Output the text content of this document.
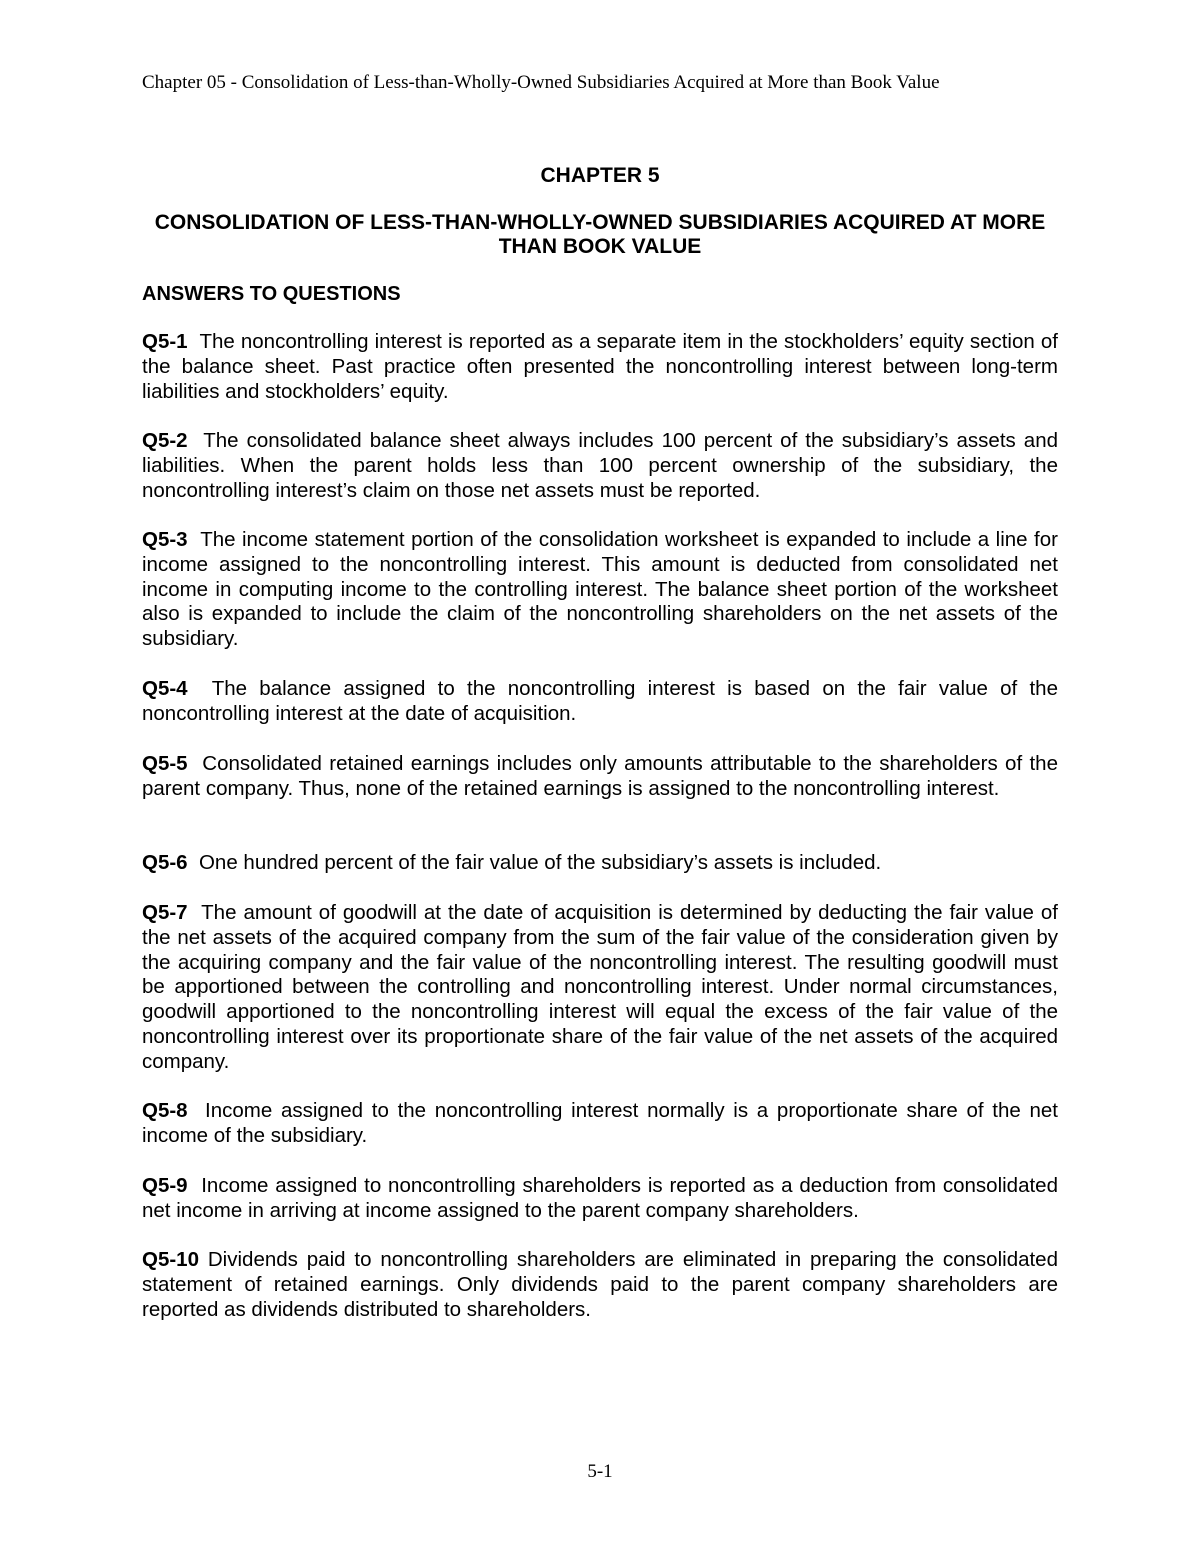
Chapter 05 - Consolidation of Less-than-Wholly-Owned Subsidiaries Acquired at More than Book Value
CHAPTER 5
CONSOLIDATION OF LESS-THAN-WHOLLY-OWNED SUBSIDIARIES ACQUIRED AT MORE THAN BOOK VALUE
ANSWERS TO QUESTIONS

Q5-1 The noncontrolling interest is reported as a separate item in the stockholders’ equity section of the balance sheet. Past practice often presented the noncontrolling interest between long-term liabilities and stockholders’ equity.

Q5-2 The consolidated balance sheet always includes 100 percent of the subsidiary’s assets and liabilities. When the parent holds less than 100 percent ownership of the subsidiary, the noncontrolling interest’s claim on those net assets must be reported.

Q5-3 The income statement portion of the consolidation worksheet is expanded to include a line for income assigned to the noncontrolling interest. This amount is deducted from consolidated net income in computing income to the controlling interest. The balance sheet portion of the worksheet also is expanded to include the claim of the noncontrolling shareholders on the net assets of the subsidiary.

Q5-4 The balance assigned to the noncontrolling interest is based on the fair value of the noncontrolling interest at the date of acquisition.

Q5-5 Consolidated retained earnings includes only amounts attributable to the shareholders of the parent company. Thus, none of the retained earnings is assigned to the noncontrolling interest.

Q5-6 One hundred percent of the fair value of the subsidiary’s assets is included.

Q5-7 The amount of goodwill at the date of acquisition is determined by deducting the fair value of the net assets of the acquired company from the sum of the fair value of the consideration given by the acquiring company and the fair value of the noncontrolling interest. The resulting goodwill must be apportioned between the controlling and noncontrolling interest. Under normal circumstances, goodwill apportioned to the noncontrolling interest will equal the excess of the fair value of the noncontrolling interest over its proportionate share of the fair value of the net assets of the acquired company.

Q5-8 Income assigned to the noncontrolling interest normally is a proportionate share of the net income of the subsidiary.

Q5-9 Income assigned to noncontrolling shareholders is reported as a deduction from consolidated net income in arriving at income assigned to the parent company shareholders.

Q5-10 Dividends paid to noncontrolling shareholders are eliminated in preparing the consolidated statement of retained earnings. Only dividends paid to the parent company shareholders are reported as dividends distributed to shareholders.

5-1
